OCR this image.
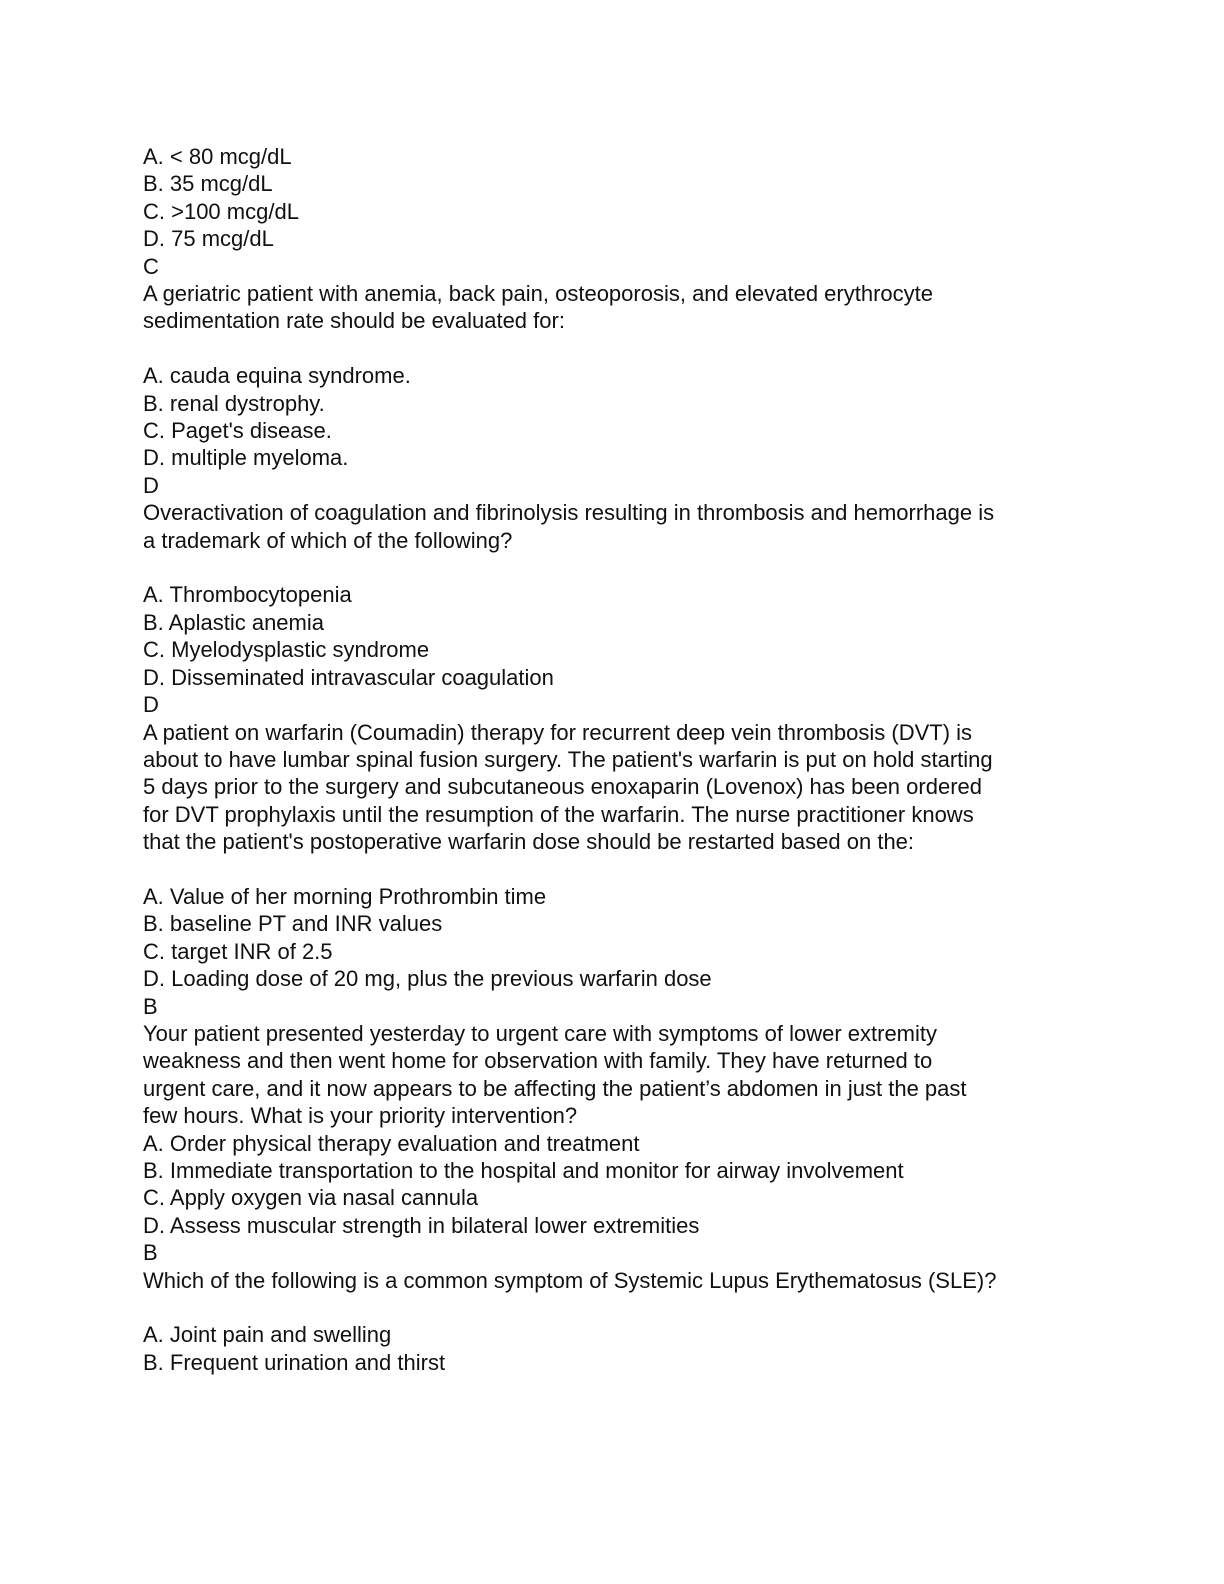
A. < 80 mcg/dL
B. 35 mcg/dL
C. >100 mcg/dL
D. 75 mcg/dL
C
A geriatric patient with anemia, back pain, osteoporosis, and elevated erythrocyte
sedimentation rate should be evaluated for:
A. cauda equina syndrome.
B. renal dystrophy.
C. Paget's disease.
D. multiple myeloma.
D
Overactivation of coagulation and fibrinolysis resulting in thrombosis and hemorrhage is
a trademark of which of the following?
A. Thrombocytopenia
B. Aplastic anemia
C. Myelodysplastic syndrome
D. Disseminated intravascular coagulation
D
A patient on warfarin (Coumadin) therapy for recurrent deep vein thrombosis (DVT) is
about to have lumbar spinal fusion surgery. The patient's warfarin is put on hold starting
5 days prior to the surgery and subcutaneous enoxaparin (Lovenox) has been ordered
for DVT prophylaxis until the resumption of the warfarin. The nurse practitioner knows
that the patient's postoperative warfarin dose should be restarted based on the:
A. Value of her morning Prothrombin time
B. baseline PT and INR values
C. target INR of 2.5
D. Loading dose of 20 mg, plus the previous warfarin dose
B
Your patient presented yesterday to urgent care with symptoms of lower extremity
weakness and then went home for observation with family. They have returned to
urgent care, and it now appears to be affecting the patient’s abdomen in just the past
few hours. What is your priority intervention?
A. Order physical therapy evaluation and treatment
B. Immediate transportation to the hospital and monitor for airway involvement
C. Apply oxygen via nasal cannula
D. Assess muscular strength in bilateral lower extremities
B
Which of the following is a common symptom of Systemic Lupus Erythematosus (SLE)?
A. Joint pain and swelling
B. Frequent urination and thirst
